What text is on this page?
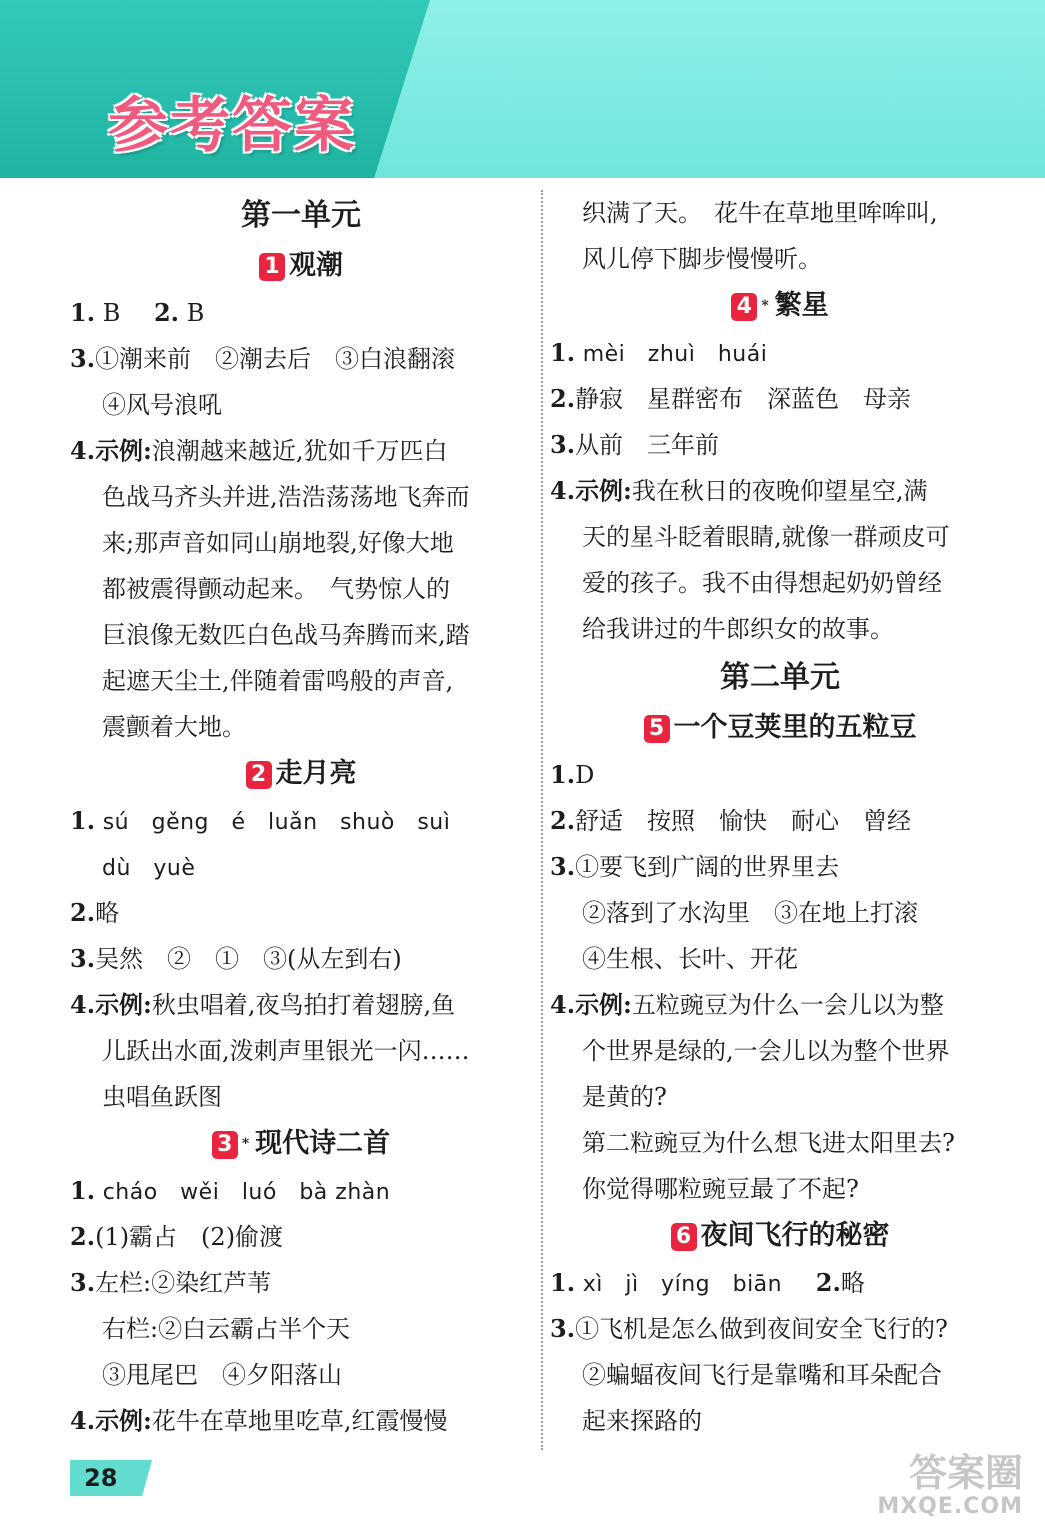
参考答案
第一单元
1 观潮
1. B 2. B
3.①潮来前　②潮去后　③白浪翻滚
④风号浪吼
4.示例:浪潮越来越近,犹如千万匹白
色战马齐头并进,浩浩荡荡地飞奔而
来;那声音如同山崩地裂,好像大地
都被震得颤动起来。　气势惊人的
巨浪像无数匹白色战马奔腾而来,踏
起遮天尘土,伴随着雷鸣般的声音,
震颤着大地。
2 走月亮
1. sú　gěng　é　luǎn　shuò　suì
dù　yuè
2.略
3.吴然　②　①　③(从左到右)
4.示例:秋虫唱着,夜鸟拍打着翅膀,鱼
儿跃出水面,泼刺声里银光一闪……
虫唱鱼跃图
3 * 现代诗二首
1. cháo　wěi　luó　bà zhàn
2.(1)霸占　(2)偷渡
3.左栏:②染红芦苇
右栏:②白云霸占半个天
③甩尾巴　④夕阳落山
4.示例:花牛在草地里吃草,红霞慢慢
织满了天。　花牛在草地里哞哞叫,
风儿停下脚步慢慢听。
4 * 繁星
1. mèi　zhuì　huái
2.静寂　星群密布　深蓝色　母亲
3.从前　三年前
4.示例:我在秋日的夜晚仰望星空,满
天的星斗眨着眼睛,就像一群顽皮可
爱的孩子。我不由得想起奶奶曾经
给我讲过的牛郎织女的故事。
第二单元
5 一个豆荚里的五粒豆
1.D
2.舒适　按照　愉快　耐心　曾经
3.①要飞到广阔的世界里去
②落到了水沟里　③在地上打滚
④生根、长叶、开花
4.示例:五粒豌豆为什么一会儿以为整
个世界是绿的,一会儿以为整个世界
是黄的?
第二粒豌豆为什么想飞进太阳里去?
你觉得哪粒豌豆最了不起?
6 夜间飞行的秘密
1. xì　jì　yíng　biān 2.略
3.①飞机是怎么做到夜间安全飞行的?
②蝙蝠夜间飞行是靠嘴和耳朵配合
起来探路的
28	答案圈
MXQE.COM
